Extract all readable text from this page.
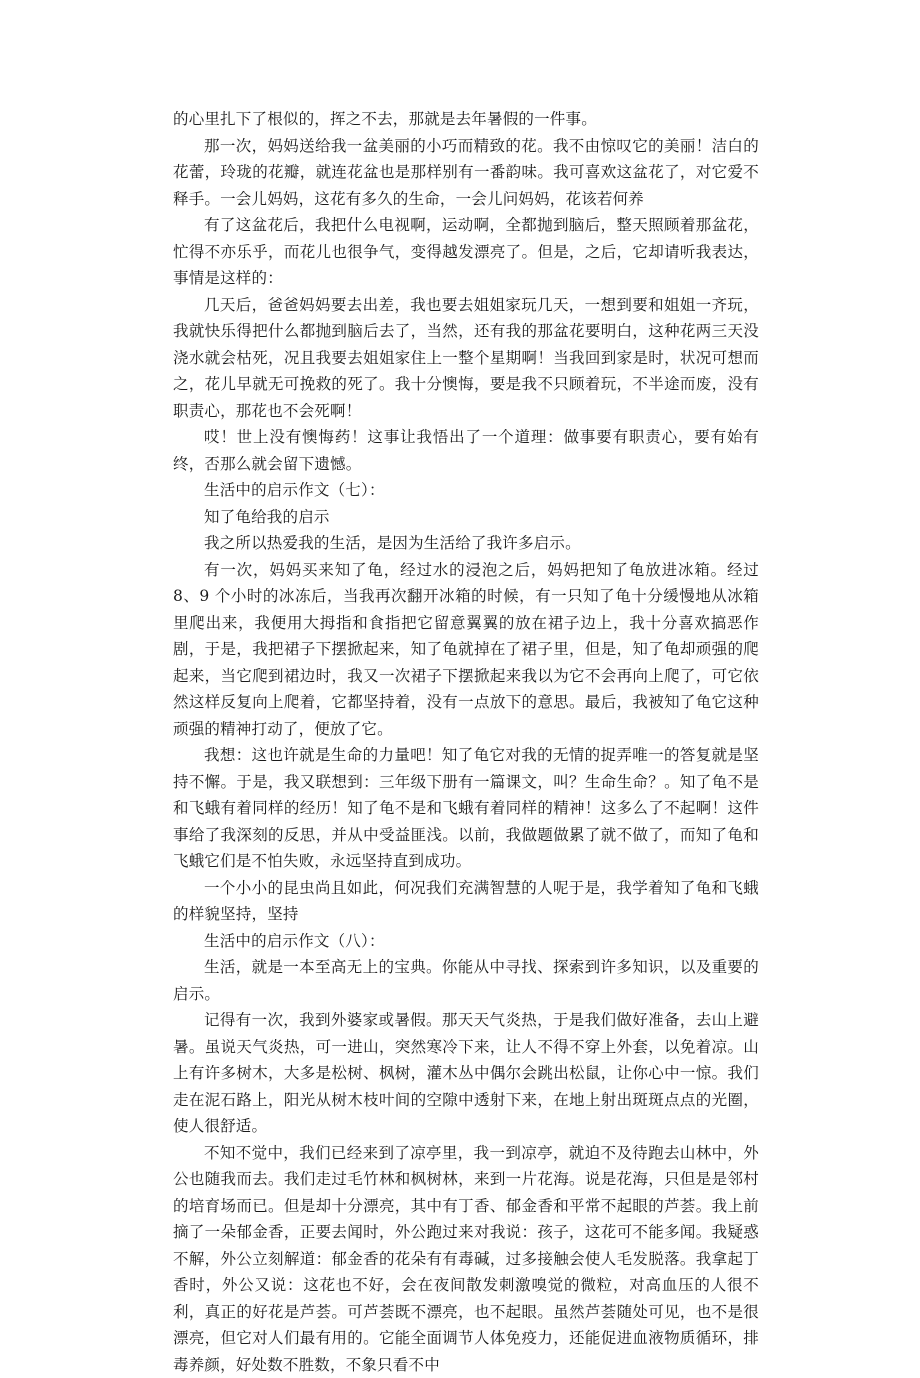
的心里扎下了根似的，挥之不去，那就是去年暑假的一件事。

那一次，妈妈送给我一盆美丽的小巧而精致的花。我不由惊叹它的美丽！洁白的花蕾，玲珑的花瓣，就连花盆也是那样别有一番韵味。我可喜欢这盆花了，对它爱不释手。一会儿妈妈，这花有多久的生命，一会儿问妈妈，花该若何养

有了这盆花后，我把什么电视啊，运动啊，全都抛到脑后，整天照顾着那盆花，忙得不亦乐乎，而花儿也很争气，变得越发漂亮了。但是，之后，它却请听我表达，事情是这样的：

几天后，爸爸妈妈要去出差，我也要去姐姐家玩几天，一想到要和姐姐一齐玩，我就快乐得把什么都抛到脑后去了，当然，还有我的那盆花要明白，这种花两三天没浇水就会枯死，况且我要去姐姐家住上一整个星期啊！当我回到家是时，状况可想而之，花儿早就无可挽救的死了。我十分懊悔，要是我不只顾着玩，不半途而废，没有职责心，那花也不会死啊！

哎！世上没有懊悔药！这事让我悟出了一个道理：做事要有职责心，要有始有终，否那么就会留下遗憾。

生活中的启示作文（七）：

知了龟给我的启示

我之所以热爱我的生活，是因为生活给了我许多启示。

有一次，妈妈买来知了龟，经过水的浸泡之后，妈妈把知了龟放进冰箱。经过 8、9 个小时的冰冻后，当我再次翻开冰箱的时候，有一只知了龟十分缓慢地从冰箱里爬出来，我便用大拇指和食指把它留意翼翼的放在裙子边上，我十分喜欢搞恶作剧，于是，我把裙子下摆掀起来，知了龟就掉在了裙子里，但是，知了龟却顽强的爬起来，当它爬到裙边时，我又一次裙子下摆掀起来我以为它不会再向上爬了，可它依然这样反复向上爬着，它都坚持着，没有一点放下的意思。最后，我被知了龟它这种顽强的精神打动了，便放了它。

我想：这也许就是生命的力量吧！知了龟它对我的无情的捉弄唯一的答复就是坚持不懈。于是，我又联想到：三年级下册有一篇课文，叫？生命生命？。知了龟不是和飞蛾有着同样的经历！知了龟不是和飞蛾有着同样的精神！这多么了不起啊！这件事给了我深刻的反思，并从中受益匪浅。以前，我做题做累了就不做了，而知了龟和飞蛾它们是不怕失败，永远坚持直到成功。

一个小小的昆虫尚且如此，何况我们充满智慧的人呢于是，我学着知了龟和飞蛾的样貌坚持，坚持

生活中的启示作文（八）：

生活，就是一本至高无上的宝典。你能从中寻找、探索到许多知识，以及重要的启示。

记得有一次，我到外婆家或暑假。那天天气炎热，于是我们做好准备，去山上避暑。虽说天气炎热，可一进山，突然寒冷下来，让人不得不穿上外套，以免着凉。山上有许多树木，大多是松树、枫树，灌木丛中偶尔会跳出松鼠，让你心中一惊。我们走在泥石路上，阳光从树木枝叶间的空隙中透射下来，在地上射出斑斑点点的光圈，使人很舒适。

不知不觉中，我们已经来到了凉亭里，我一到凉亭，就迫不及待跑去山林中，外公也随我而去。我们走过毛竹林和枫树林，来到一片花海。说是花海，只但是是邻村的培育场而已。但是却十分漂亮，其中有丁香、郁金香和平常不起眼的芦荟。我上前摘了一朵郁金香，正要去闻时，外公跑过来对我说：孩子，这花可不能多闻。我疑惑不解，外公立刻解道：郁金香的花朵有有毒碱，过多接触会使人毛发脱落。我拿起丁香时，外公又说：这花也不好，会在夜间散发刺激嗅觉的微粒，对高血压的人很不利，真正的好花是芦荟。可芦荟既不漂亮，也不起眼。虽然芦荟随处可见，也不是很漂亮，但它对人们最有用的。它能全面调节人体免疫力，还能促进血液物质循环，排毒养颜，好处数不胜数，不象只看不中
